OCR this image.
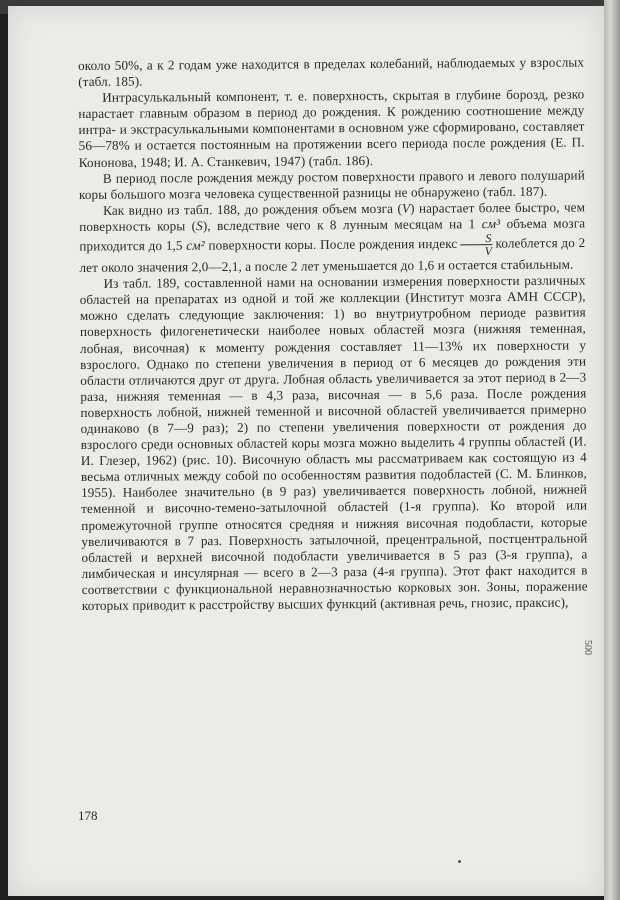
около 50%, а к 2 годам уже находится в пределах колебаний, наблюдаемых у взрослых (табл. 185).

Интрасулькальный компонент, т. е. поверхность, скрытая в глубине борозд, резко нарастает главным образом в период до рождения. К рождению соотношение между интра- и экстрасулькальными компонентами в основном уже сформировано, составляет 56—78% и остается постоянным на протяжении всего периода после рождения (Е. П. Кононова, 1948; И. А. Станкевич, 1947) (табл. 186).

В период после рождения между ростом поверхности правого и левого полушарий коры большого мозга человека существенной разницы не обнаружено (табл. 187).

Как видно из табл. 188, до рождения объем мозга (V) нарастает более быстро, чем поверхность коры (S), вследствие чего к 8 лунным месяцам на 1 см³ объема мозга приходится до 1,5 см² поверхности коры. После рождения индекс $\frac{S}{V}$ колеблется до 2 лет около значения 2,0—2,1, а после 2 лет уменьшается до 1,6 и остается стабильным.

Из табл. 189, составленной нами на основании измерения поверхности различных областей на препаратах из одной и той же коллекции (Институт мозга АМН СССР), можно сделать следующие заключения: 1) во внутриутробном периоде развития поверхность филогенетически наиболее новых областей мозга (нижняя теменная, лобная, височная) к моменту рождения составляет 11—13% их поверхности у взрослого. Однако по степени увеличения в период от 6 месяцев до рождения эти области отличаются друг от друга. Лобная область увеличивается за этот период в 2—3 раза, нижняя теменная — в 4,3 раза, височная — в 5,6 раза. После рождения поверхность лобной, нижней теменной и височной областей увеличивается примерно одинаково (в 7—9 раз); 2) по степени увеличения поверхности от рождения до взрослого среди основных областей коры мозга можно выделить 4 группы областей (И. И. Глезер, 1962) (рис. 10). Височную область мы рассматриваем как состоящую из 4 весьма отличных между собой по особенностям развития подобластей (С. М. Блинков, 1955). Наиболее значительно (в 9 раз) увеличивается поверхность лобной, нижней теменной и височно-темено-затылочной областей (1-я группа). Ко второй или промежуточной группе относятся средняя и нижняя височная подобласти, которые увеличиваются в 7 раз. Поверхность затылочной, прецентральной, постцентральной областей и верхней височной подобласти увеличивается в 5 раз (3-я группа), а лимбическая и инсулярная — всего в 2—3 раза (4-я группа). Этот факт находится в соответствии с функциональной неравнозначностью корковых зон. Зоны, поражение которых приводит к расстройству высших функций (активная речь, гнозис, праксис),

178
500
